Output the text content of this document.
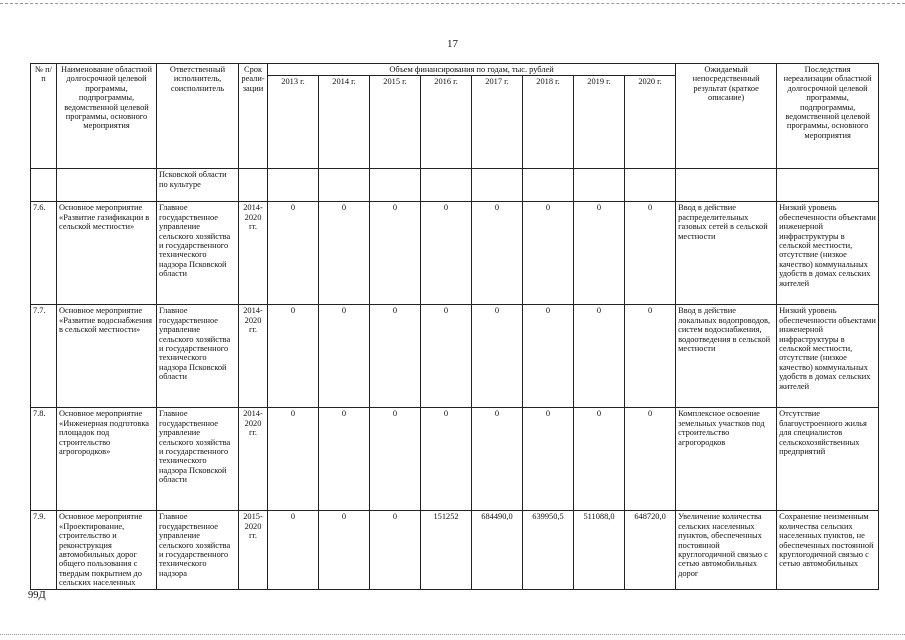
17
№ п/п	Наименование областной долгосрочной целевой программы, подпрограммы, ведомственной целевой программы, основного мероприятия	Ответственный исполнитель, соисполнитель	Срок реали-зации	Объем финансирования по годам, тыс. рублей								Ожидаемый непосредственный результат (краткое описание)	Последствия нереализации областной долгосрочной целевой программы, подпрограммы, ведомственной целевой программы, основного мероприятия
				2013 г.	2014 г.	2015 г.	2016 г.	2017 г.	2018 г.	2019 г.	2020 г.		
		Псковской области по культуре											
7.6.	Основное мероприятие «Развитие газификации в сельской местности»	Главное государственное управление сельского хозяйства и государственного технического надзора Псковской области	2014-2020 гг.	0	0	0	0	0	0	0	0	Ввод в действие распределительных газовых сетей в сельской местности	Низкий уровень обеспеченности объектами инженерной инфраструктуры в сельской местности, отсутствие (низкое качество) коммунальных удобств в домах сельских жителей
7.7.	Основное мероприятие «Развитие водоснабжения в сельской местности»	Главное государственное управление сельского хозяйства и государственного технического надзора Псковской области	2014-2020 гг.	0	0	0	0	0	0	0	0	Ввод в действие локальных водопроводов, систем водоснабжения, водоотведения в сельской местности	Низкий уровень обеспеченности объектами инженерной инфраструктуры в сельской местности, отсутствие (низкое качество) коммунальных удобств в домах сельских жителей
7.8.	Основное мероприятие «Инженерная подготовка площадок под строительство агрогородков»	Главное государственное управление сельского хозяйства и государственного технического надзора Псковской области	2014-2020 гг.	0	0	0	0	0	0	0	0	Комплексное освоение земельных участков под строительство агрогородков	Отсутствие благоустроенного жилья для специалистов сельскохозяйственных предприятий
7.9.	Основное мероприятие «Проектирование, строительство и реконструкция автомобильных дорог общего пользования с твердым покрытием до сельских населенных	Главное государственное управление сельского хозяйства и государственного технического надзора	2015-2020 гг.	0	0	0	151252	684490,0	639950,5	511088,0	648720,0	Увеличение количества сельских населенных пунктов, обеспеченных постоянной круглогодичной связью с сетью автомобильных дорог	Сохранение неизменным количества сельских населенных пунктов, не обеспеченных постоянной круглогодичной связью с сетью автомобильных
99Д
